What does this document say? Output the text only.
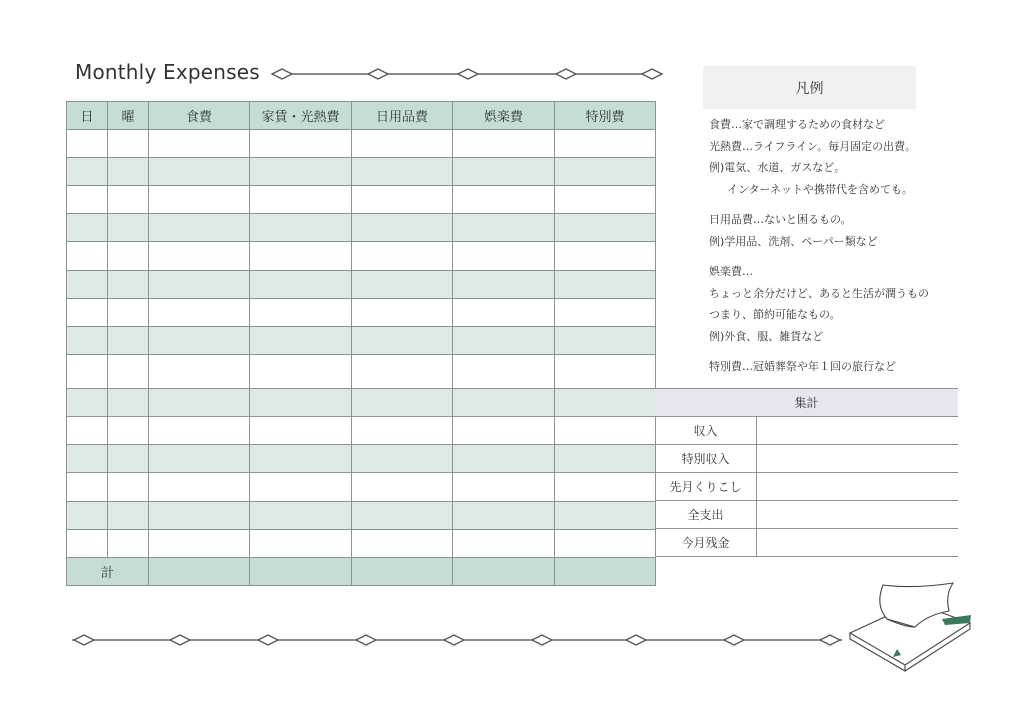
Monthly Expenses
日	曜	食費	家賃・光熱費	日用品費	娯楽費	特別費

計						
凡例
食費…家で調理するための食材など
光熱費…ライフライン。毎月固定の出費。
例)電気、水道、ガスなど。
インターネットや携帯代を含めても。
日用品費…ないと困るもの。
例)学用品、洗剤、ペーパー類など
娯楽費…
ちょっと余分だけど、あると生活が潤うもの
つまり、節約可能なもの。
例)外食、服、雑貨など
特別費…冠婚葬祭や年１回の旅行など
集計	
収入	
特別収入	
先月くりこし	
全支出	
今月残金	
